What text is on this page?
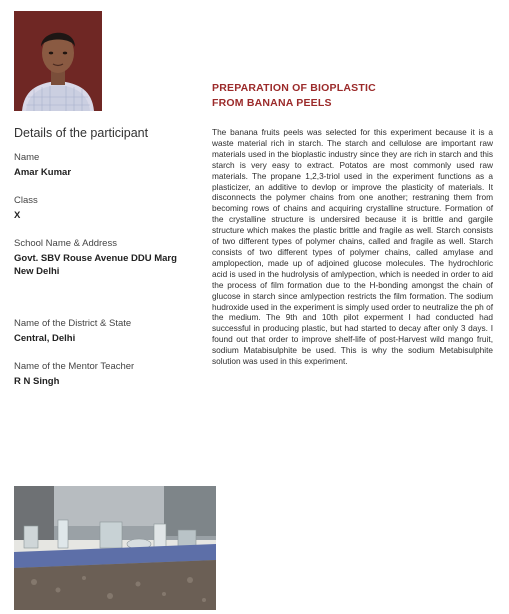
Details of the participant
Name
Amar Kumar
Class
X
School Name & Address
Govt. SBV Rouse Avenue DDU Marg
New Delhi
Name of the District & State
Central, Delhi
Name of the Mentor Teacher
R N Singh
PREPARATION OF BIOPLASTIC
FROM BANANA PEELS

The banana fruits peels was selected for this experiment because it is a waste material rich in starch. The starch and cellulose are important raw materials used in the bioplastic industry since they are rich in starch and this starch is very easy to extract. Potatos are most commonly used raw materials. The propane 1,2,3-triol used in the experiment functions as a plasticizer, an additive to devlop or improve the plasticity of materials. It disconnects the polymer chains from one another; restraning them from becoming rows of chains and acquiring crystalline structure. Formation of the crystalline structure is undersired because it is brittle and gargile structure which makes the plastic brittle and fragile as well. Starch consists of two different types of polymer chains, called and fragile as well. Starch consists of two different types of polymer chains, called amylase and amplopection, made up of adjoined glucose molecules. The hydrochloric acid is used in the hudrolysis of amlypection, which is needed in order to aid the process of film formation due to the H-bonding amongst the chain of glucose in starch since amlypection restricts the film formation. The sodium hudroxide used in the experiment is simply used order to neutralize the ph of the medium. The 9th and 10th pilot experment I had conducted had successful in producing plastic, but had started to decay after only 3 days. I found out that order to improve shelf-life of post-Harvest wild mango fruit, sodium Matabisulphite be used. This is why the sodium Metabisulphite solution was used in this experiment.
